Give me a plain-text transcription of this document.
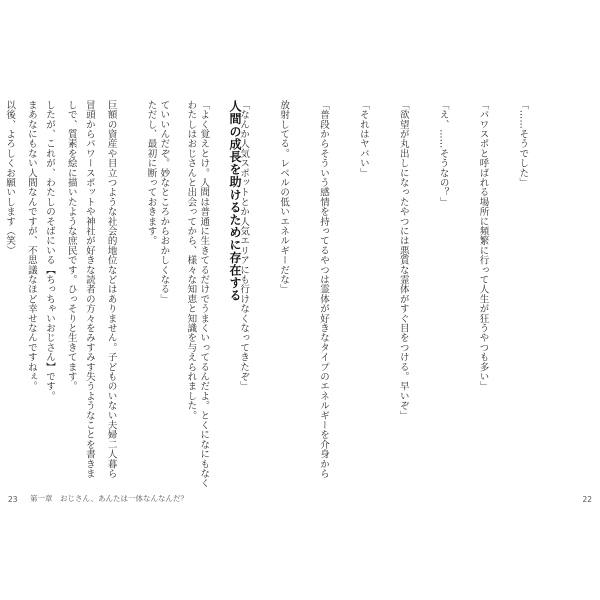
「……そうでした」

「パワスポと呼ばれる場所に頻繁に行って人生が狂うやつも多い」

「え、……そうなの？」

「欲望が丸出しになったやつには悪質な霊体がすぐ目をつける。早いぞ」

「それはヤバい」

「普段からそういう感情を持ってるやつは霊体が好きなタイプのエネルギーを介身から

放射してる。レベルの低いエネルギーだな」

「なんか人気スポットとか人気エリアにも行けなくなってきたぞ」

「よく覚えとけ。人間は普通に生きてるだけでうまくいってるんだよ。とくになにもなく

ていいんだぞ。妙なところからおかしくなる」

冒頭からパワースポットや神社が好きな読者の方々をみすみす失うようなことを書きま

したが、これが、わたしのそばにいる【ちっちゃいおじさん】です。

以後、よろしくお願いします（笑）

	人間の成長を助けるために存在する

わたしはおじさんと出会ってから、様々な知恵と知識を与えられました。

ただし、最初に断っておきます。

巨額の資産や目立つような社会的地位などはありません。子どものいない夫婦二人暮ら

しで、質素を絵に描いたような庶民です。ひっそりと生きてます。

まあなにもない人間なんですが、不思議なほど幸せなんですねぇ。

23 第一章　おじさん、あんたは一体なんなんだ？	22
